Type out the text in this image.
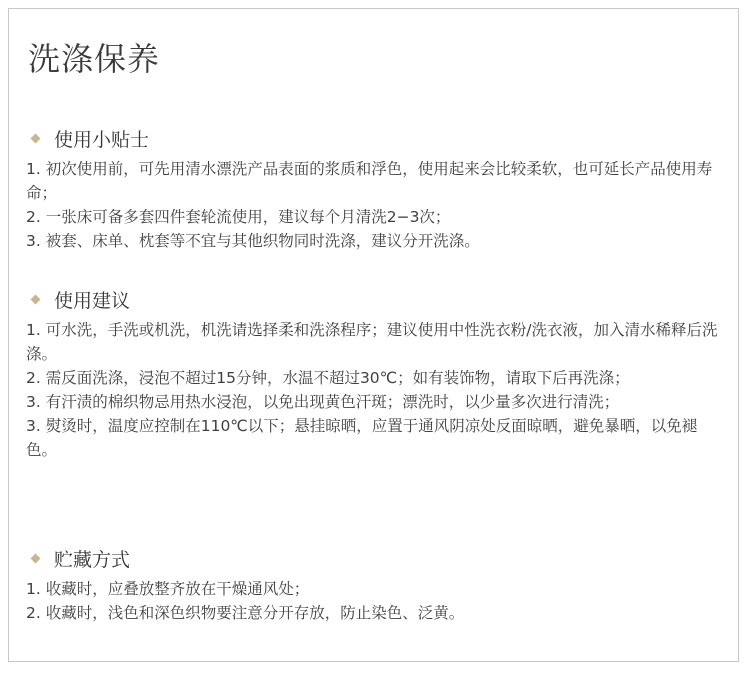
洗涤保养
使用小贴士
1. 初次使用前，可先用清水漂洗产品表面的浆质和浮色，使用起来会比较柔软，也可延长产品使用寿命；
2. 一张床可备多套四件套轮流使用，建议每个月清洗2−3次；
3. 被套、床单、枕套等不宜与其他织物同时洗涤，建议分开洗涤。
使用建议
1. 可水洗，手洗或机洗，机洗请选择柔和洗涤程序；建议使用中性洗衣粉/洗衣液，加入清水稀释后洗涤。
2. 需反面洗涤，浸泡不超过15分钟，水温不超过30℃；如有装饰物，请取下后再洗涤；
3. 有汗渍的棉织物忌用热水浸泡，以免出现黄色汗斑；漂洗时，以少量多次进行清洗；
3. 熨烫时，温度应控制在110℃以下；悬挂晾晒，应置于通风阴凉处反面晾晒，避免暴晒，以免褪色。
贮藏方式
1. 收藏时，应叠放整齐放在干燥通风处；
2. 收藏时，浅色和深色织物要注意分开存放，防止染色、泛黄。
